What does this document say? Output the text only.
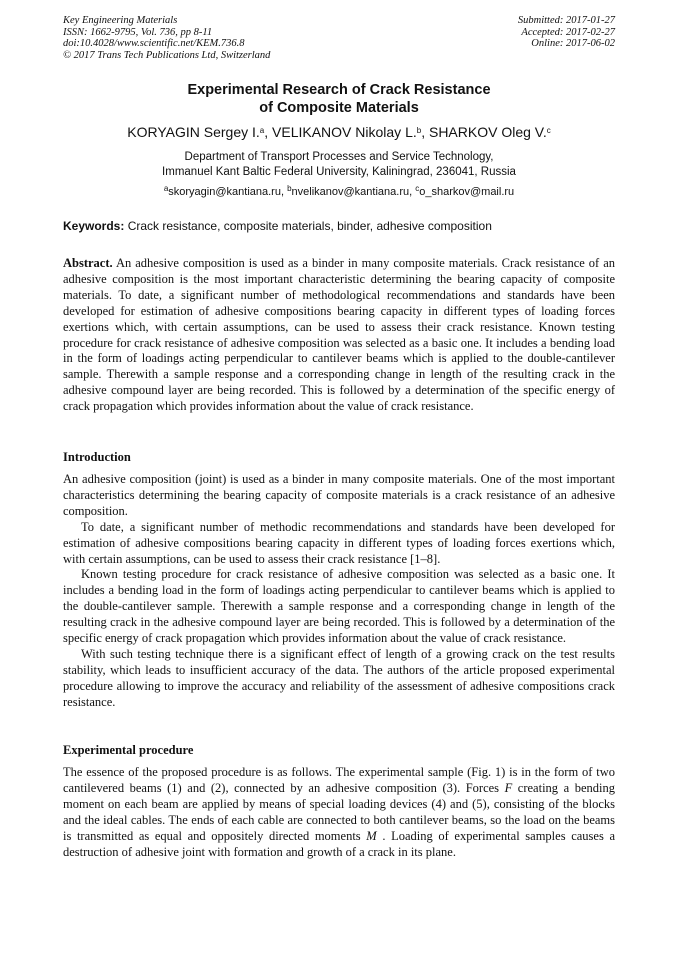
Key Engineering Materials
ISSN: 1662-9795, Vol. 736, pp 8-11
doi:10.4028/www.scientific.net/KEM.736.8
© 2017 Trans Tech Publications Ltd, Switzerland
Submitted: 2017-01-27
Accepted: 2017-02-27
Online: 2017-06-02
Experimental Research of Crack Resistance
of Composite Materials
KORYAGIN Sergey I.$^a$, VELIKANOV Nikolay L.$^b$, SHARKOV Oleg V.$^c$
Department of Transport Processes and Service Technology,
Immanuel Kant Baltic Federal University, Kaliningrad, 236041, Russia
$^a$skoryagin@kantiana.ru, $^b$nvelikanov@kantiana.ru, $^c$o_sharkov@mail.ru
Keywords: Crack resistance, composite materials, binder, adhesive composition

Abstract. An adhesive composition is used as a binder in many composite materials. Crack resistance of an adhesive composition is the most important characteristic determining the bearing capacity of composite materials. To date, a significant number of methodological recommendations and standards have been developed for estimation of adhesive compositions bearing capacity in different types of loading forces exertions which, with certain assumptions, can be used to assess their crack resistance. Known testing procedure for crack resistance of adhesive composition was selected as a basic one. It includes a bending load in the form of loadings acting perpendicular to cantilever beams which is applied to the double-cantilever sample. Therewith a sample response and a corresponding change in length of the resulting crack in the adhesive compound layer are being recorded. This is followed by a determination of the specific energy of crack propagation which provides information about the value of crack resistance.

Introduction

An adhesive composition (joint) is used as a binder in many composite materials. One of the most important characteristics determining the bearing capacity of composite materials is a crack resistance of an adhesive composition.

To date, a significant number of methodic recommendations and standards have been developed for estimation of adhesive compositions bearing capacity in different types of loading forces exertions which, with certain assumptions, can be used to assess their crack resistance [1–8].

Known testing procedure for crack resistance of adhesive composition was selected as a basic one. It includes a bending load in the form of loadings acting perpendicular to cantilever beams which is applied to the double-cantilever sample. Therewith a sample response and a corresponding change in length of the resulting crack in the adhesive compound layer are being recorded. This is followed by a determination of the specific energy of crack propagation which provides information about the value of crack resistance.

With such testing technique there is a significant effect of length of a growing crack on the test results stability, which leads to insufficient accuracy of the data. The authors of the article proposed experimental procedure allowing to improve the accuracy and reliability of the assessment of adhesive compositions crack resistance.

Experimental procedure

The essence of the proposed procedure is as follows. The experimental sample (Fig. 1) is in the form of two cantilevered beams (1) and (2), connected by an adhesive composition (3). Forces F creating a bending moment on each beam are applied by means of special loading devices (4) and (5), consisting of the blocks and the ideal cables. The ends of each cable are connected to both cantilever beams, so the load on the beams is transmitted as equal and oppositely directed moments M . Loading of experimental samples causes a destruction of adhesive joint with formation and growth of a crack in its plane.
